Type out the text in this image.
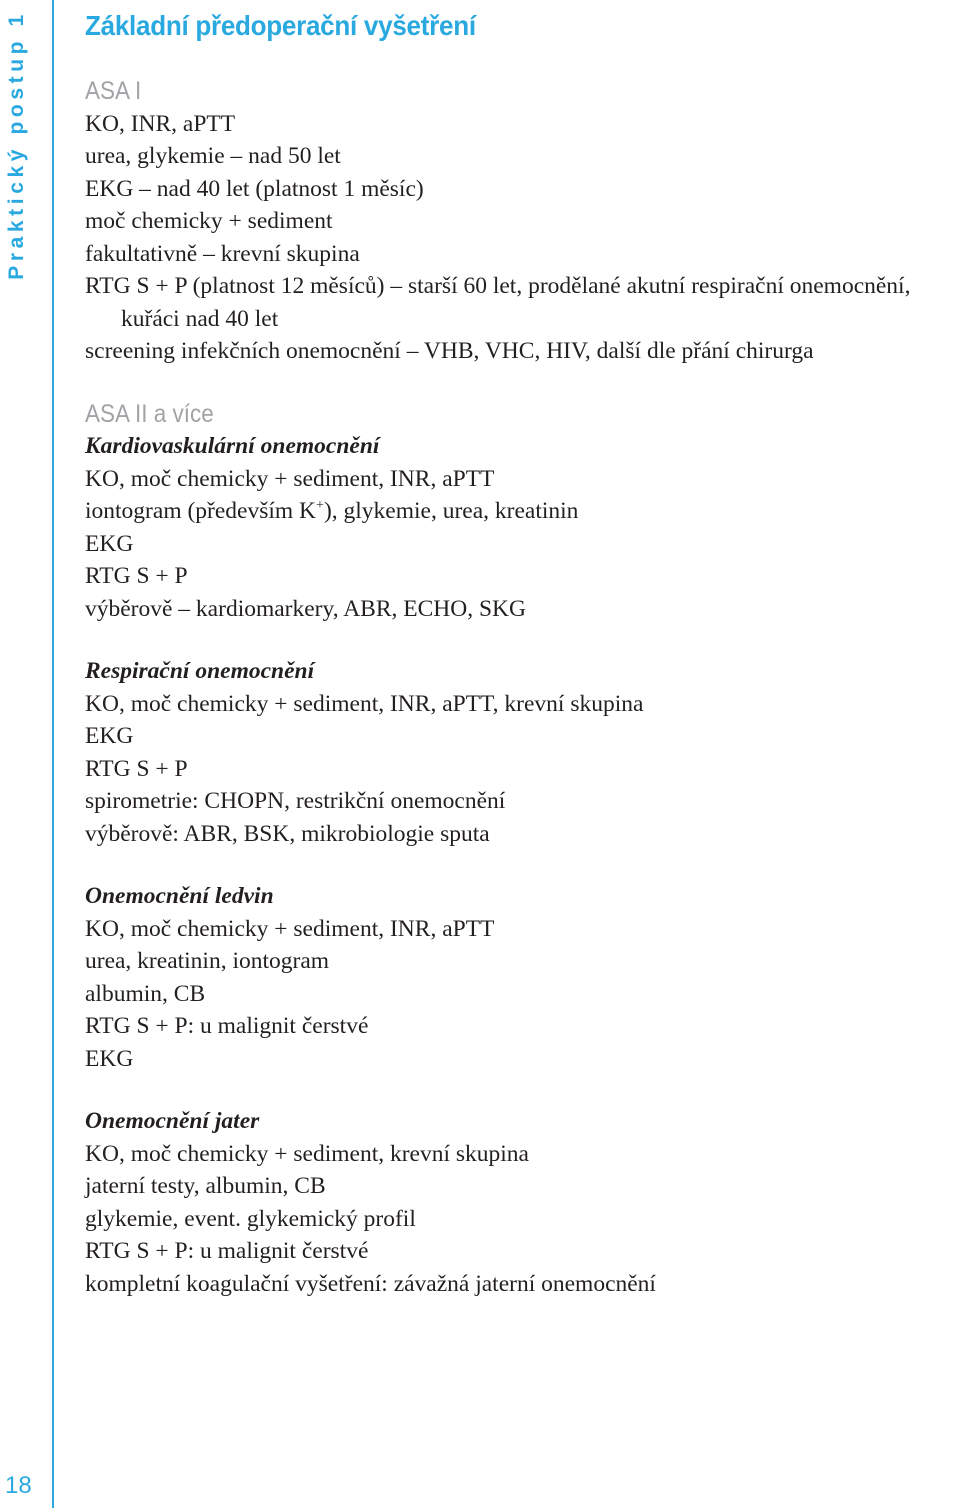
Praktický postup 1
18
Základní předoperační vyšetření
ASA I
KO, INR, aPTT
urea, glykemie – nad 50 let
EKG – nad 40 let (platnost 1 měsíc)
moč chemicky + sediment
fakultativně – krevní skupina
RTG S + P (platnost 12 měsíců) – starší 60 let, prodělané akutní respirační onemocnění, kuřáci nad 40 let
screening infekčních onemocnění – VHB, VHC, HIV, další dle přání chirurga
ASA II a více
Kardiovaskulární onemocnění
KO, moč chemicky + sediment, INR, aPTT
iontogram (především K+), glykemie, urea, kreatinin
EKG
RTG S + P
výběrově – kardiomarkery, ABR, ECHO, SKG
Respirační onemocnění
KO, moč chemicky + sediment, INR, aPTT, krevní skupina
EKG
RTG S + P
spirometrie: CHOPN, restrikční onemocnění
výběrově: ABR, BSK, mikrobiologie sputa
Onemocnění ledvin
KO, moč chemicky + sediment, INR, aPTT
urea, kreatinin, iontogram
albumin, CB
RTG S + P: u malignit čerstvé
EKG
Onemocnění jater
KO, moč chemicky + sediment, krevní skupina
jaterní testy, albumin, CB
glykemie, event. glykemický profil
RTG S + P: u malignit čerstvé
kompletní koagulační vyšetření: závažná jaterní onemocnění
